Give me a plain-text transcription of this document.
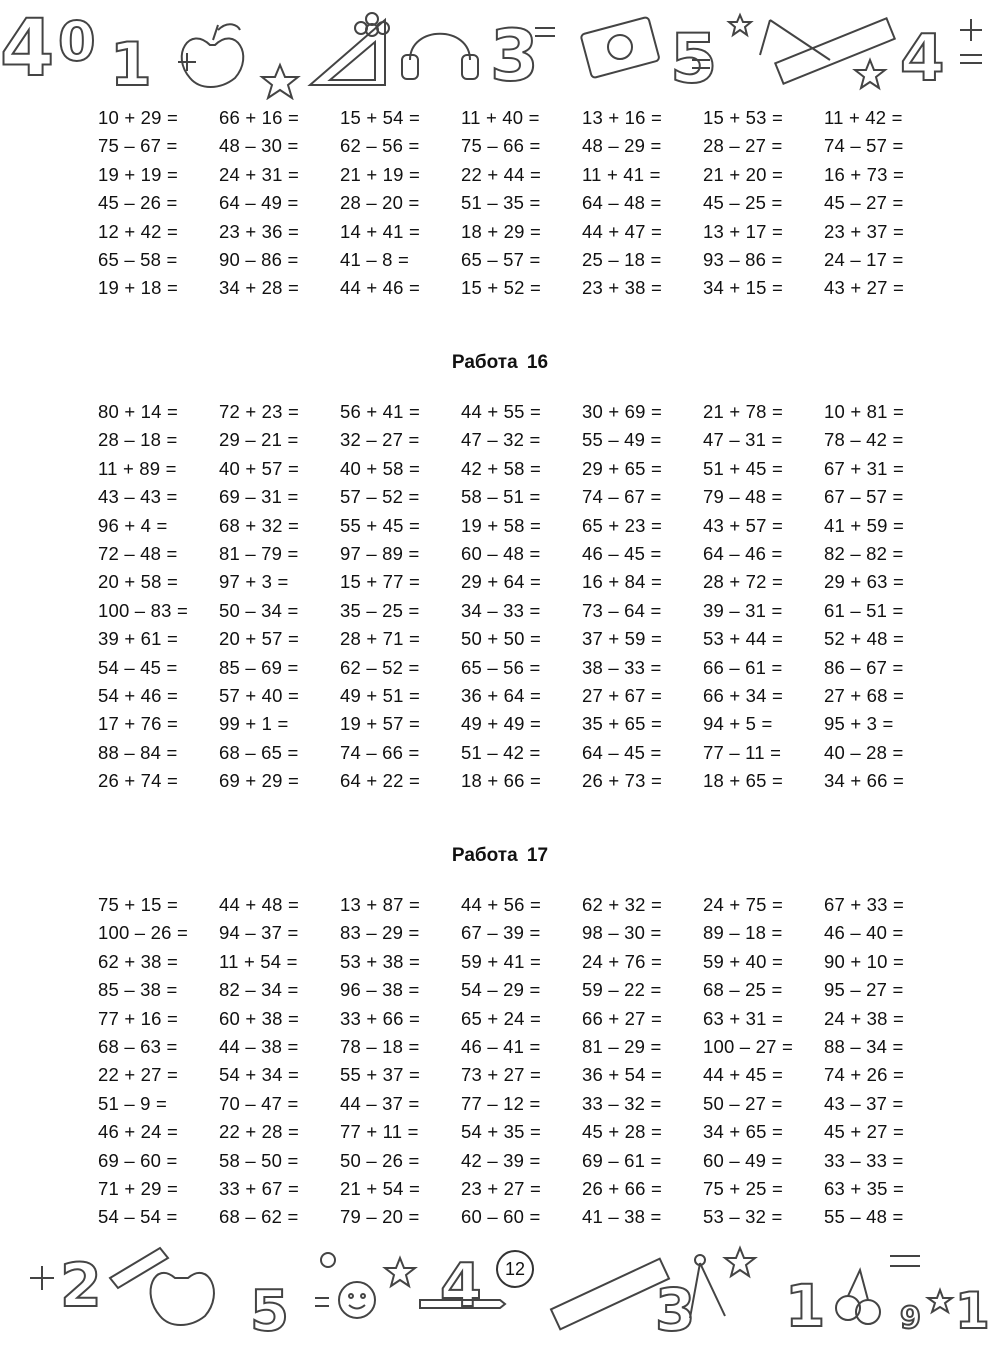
4 0 1	3 5	4
10 + 29 =	66 + 16 =	15 + 54 =	11 + 40 =	13 + 16 =	15 + 53 =	11 + 42 =
75 – 67 =	48 – 30 =	62 – 56 =	75 – 66 =	48 – 29 =	28 – 27 =	74 – 57 =
19 + 19 =	24 + 31 =	21 + 19 =	22 + 44 =	11 + 41 =	21 + 20 =	16 + 73 =
45 – 26 =	64 – 49 =	28 – 20 =	51 – 35 =	64 – 48 =	45 – 25 =	45 – 27 =
12 + 42 =	23 + 36 =	14 + 41 =	18 + 29 =	44 + 47 =	13 + 17 =	23 + 37 =
65 – 58 =	90 – 86 =	41 – 8 =	65 – 57 =	25 – 18 =	93 – 86 =	24 – 17 =
19 + 18 =	34 + 28 =	44 + 46 =	15 + 52 =	23 + 38 =	34 + 15 =	43 + 27 =
Работа 16
80 + 14 =	72 + 23 =	56 + 41 =	44 + 55 =	30 + 69 =	21 + 78 =	10 + 81 =
28 – 18 =	29 – 21 =	32 – 27 =	47 – 32 =	55 – 49 =	47 – 31 =	78 – 42 =
11 + 89 =	40 + 57 =	40 + 58 =	42 + 58 =	29 + 65 =	51 + 45 =	67 + 31 =
43 – 43 =	69 – 31 =	57 – 52 =	58 – 51 =	74 – 67 =	79 – 48 =	67 – 57 =
96 + 4 =	68 + 32 =	55 + 45 =	19 + 58 =	65 + 23 =	43 + 57 =	41 + 59 =
72 – 48 =	81 – 79 =	97 – 89 =	60 – 48 =	46 – 45 =	64 – 46 =	82 – 82 =
20 + 58 =	97 + 3 =	15 + 77 =	29 + 64 =	16 + 84 =	28 + 72 =	29 + 63 =
100 – 83 =	50 – 34 =	35 – 25 =	34 – 33 =	73 – 64 =	39 – 31 =	61 – 51 =
39 + 61 =	20 + 57 =	28 + 71 =	50 + 50 =	37 + 59 =	53 + 44 =	52 + 48 =
54 – 45 =	85 – 69 =	62 – 52 =	65 – 56 =	38 – 33 =	66 – 61 =	86 – 67 =
54 + 46 =	57 + 40 =	49 + 51 =	36 + 64 =	27 + 67 =	66 + 34 =	27 + 68 =
17 + 76 =	99 + 1 =	19 + 57 =	49 + 49 =	35 + 65 =	94 + 5 =	95 + 3 =
88 – 84 =	68 – 65 =	74 – 66 =	51 – 42 =	64 – 45 =	77 – 11 =	40 – 28 =
26 + 74 =	69 + 29 =	64 + 22 =	18 + 66 =	26 + 73 =	18 + 65 =	34 + 66 =
Работа 17
75 + 15 =	44 + 48 =	13 + 87 =	44 + 56 =	62 + 32 =	24 + 75 =	67 + 33 =
100 – 26 =	94 – 37 =	83 – 29 =	67 – 39 =	98 – 30 =	89 – 18 =	46 – 40 =
62 + 38 =	11 + 54 =	53 + 38 =	59 + 41 =	24 + 76 =	59 + 40 =	90 + 10 =
85 – 38 =	82 – 34 =	96 – 38 =	54 – 29 =	59 – 22 =	68 – 25 =	95 – 27 =
77 + 16 =	60 + 38 =	33 + 66 =	65 + 24 =	66 + 27 =	63 + 31 =	24 + 38 =
68 – 63 =	44 – 38 =	78 – 18 =	46 – 41 =	81 – 29 =	100 – 27 =	88 – 34 =
22 + 27 =	54 + 34 =	55 + 37 =	73 + 27 =	36 + 54 =	44 + 45 =	74 + 26 =
51 – 9 =	70 – 47 =	44 – 37 =	77 – 12 =	33 – 32 =	50 – 27 =	43 – 37 =
46 + 24 =	22 + 28 =	77 + 11 =	54 + 35 =	45 + 28 =	34 + 65 =	45 + 27 =
69 – 60 =	58 – 50 =	50 – 26 =	42 – 39 =	69 – 61 =	60 – 49 =	33 – 33 =
71 + 29 =	33 + 67 =	21 + 54 =	23 + 27 =	26 + 66 =	75 + 25 =	63 + 35 =
54 – 54 =	68 – 62 =	79 – 20 =	60 – 60 =	41 – 38 =	53 – 32 =	55 – 48 =
2	5	4	3 1 9 1
12
